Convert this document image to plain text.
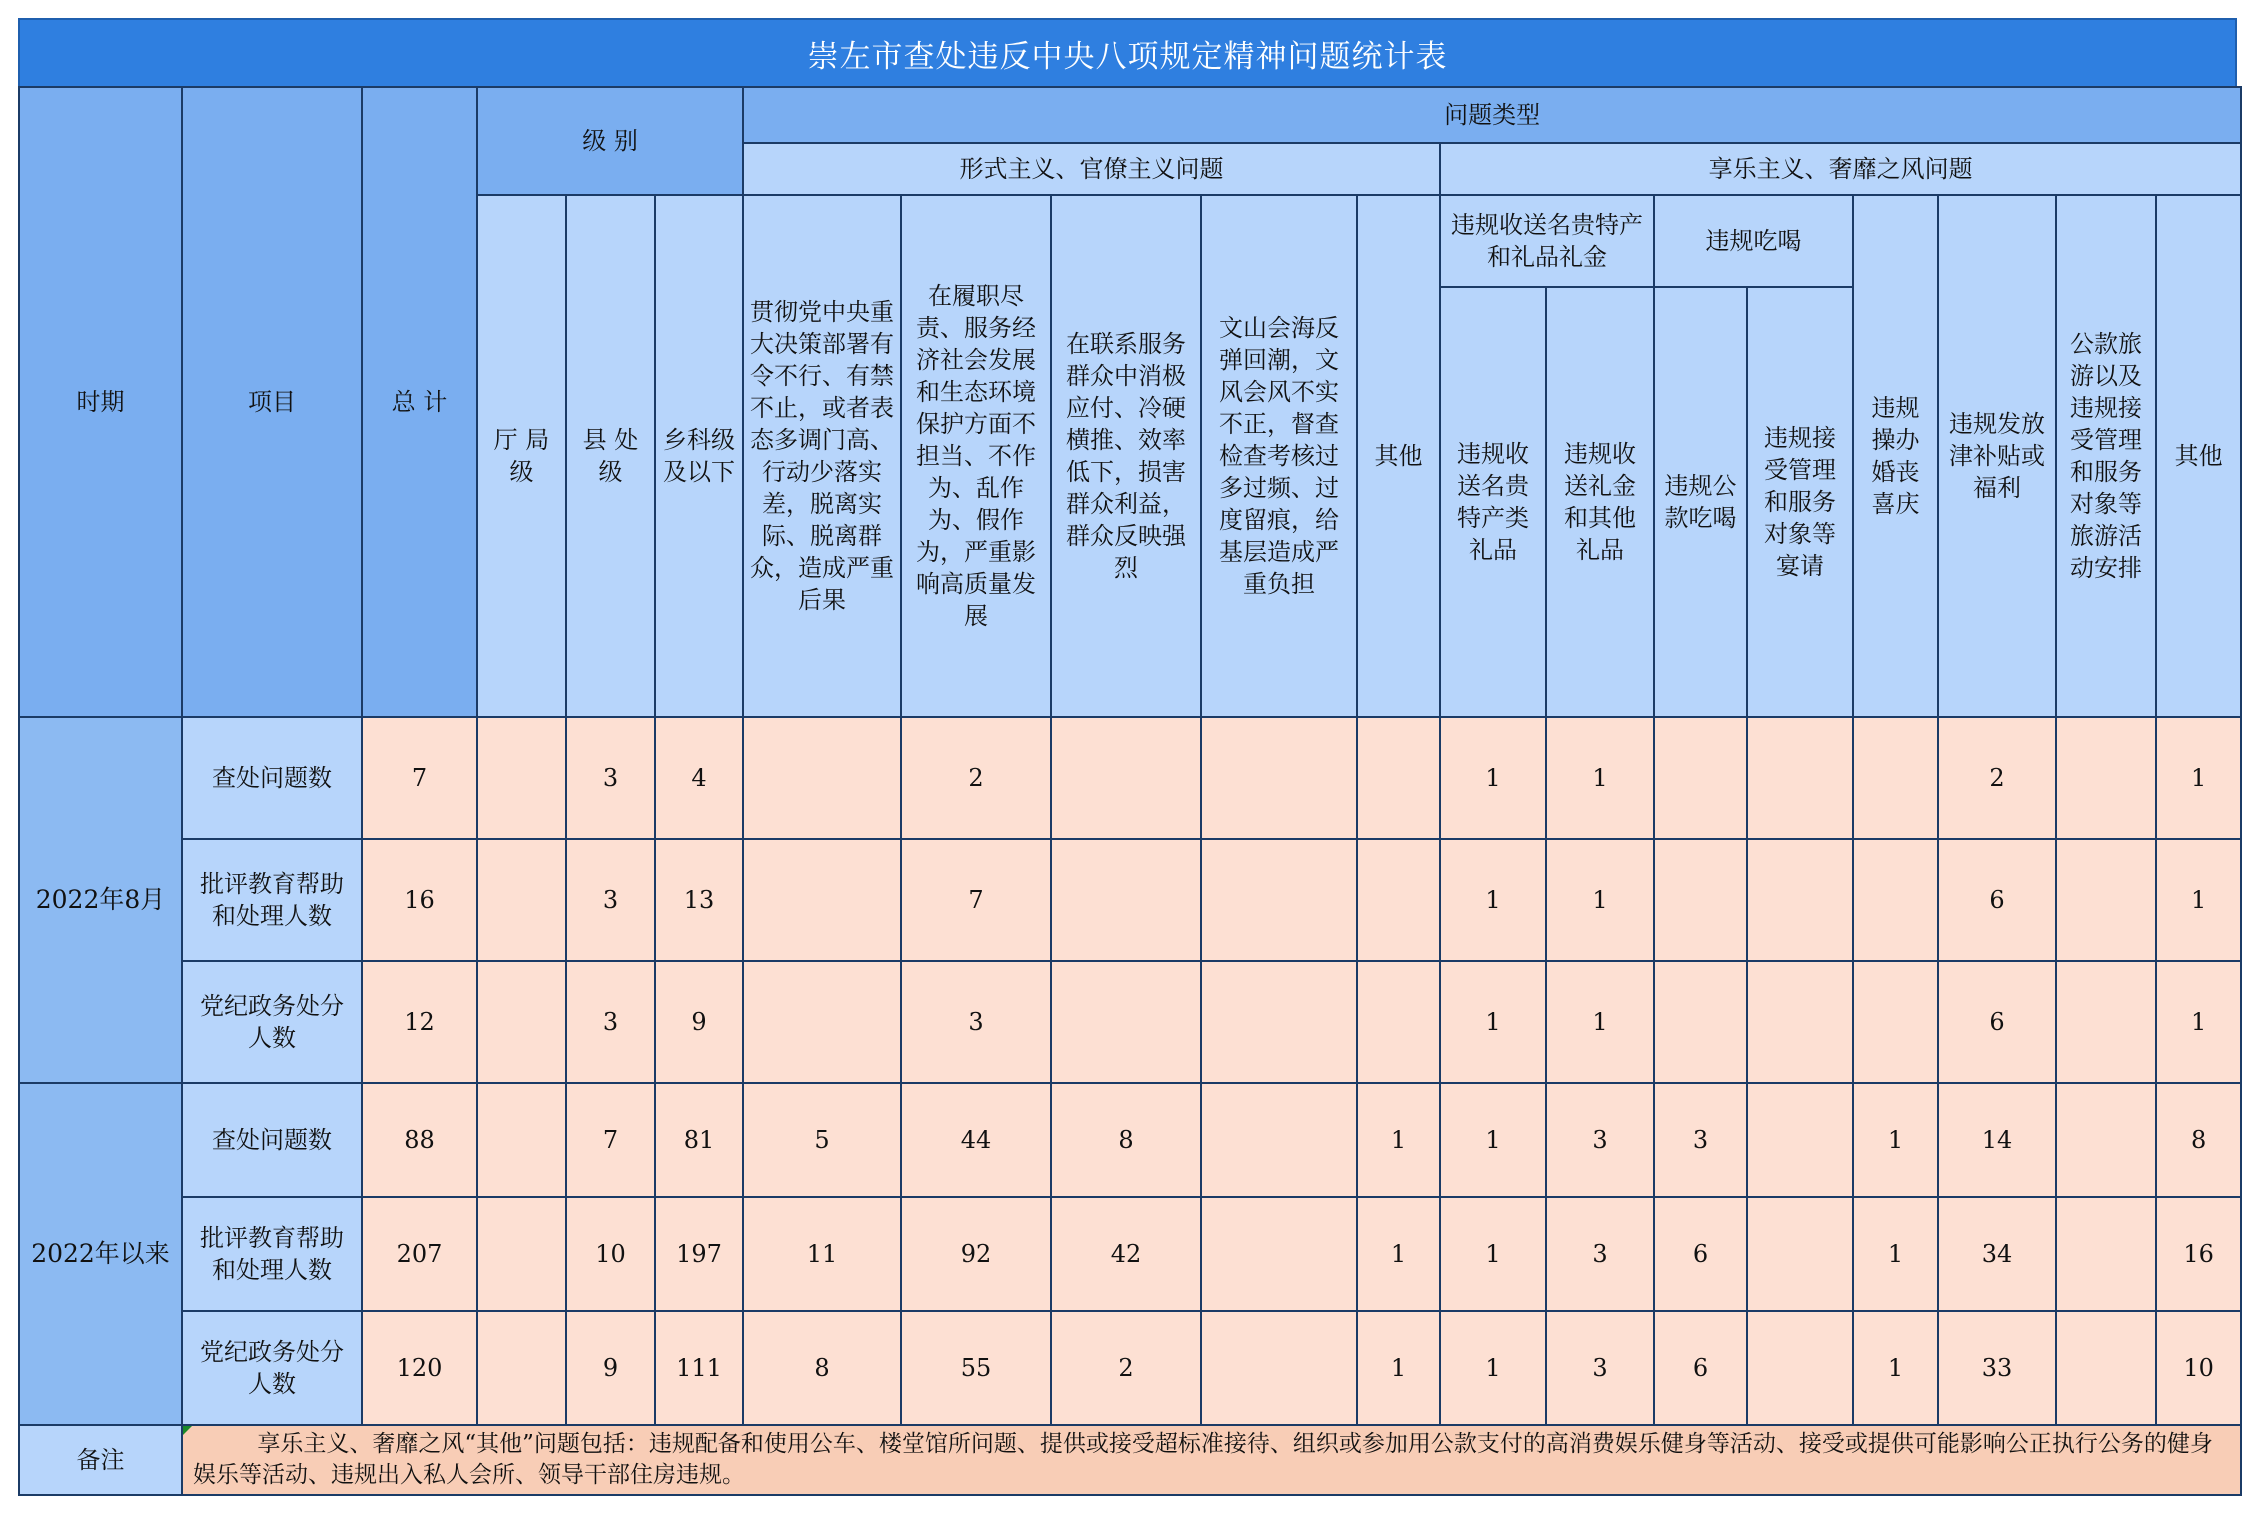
崇左市查处违反中央八项规定精神问题统计表
时期	项目	总 计	级 别			问题类型												
						形式主义、官僚主义问题					享乐主义、奢靡之风问题							
			厅 局级	县 处级	乡科级及以下	贯彻党中央重大决策部署有令不行、有禁不止，或者表态多调门高、行动少落实差，脱离实际、脱离群众，造成严重后果	在履职尽责、服务经济社会发展和生态环境保护方面不担当、不作为、乱作为、假作为，严重影响高质量发展	在联系服务群众中消极应付、冷硬横推、效率低下，损害群众利益，群众反映强烈	文山会海反弹回潮，文风会风不实不正，督查检查考核过多过频、过度留痕，给基层造成严重负担	其他	违规收送名贵特产和礼品礼金		违规吃喝		违规操办婚丧喜庆	违规发放津补贴或福利	公款旅游以及违规接受管理和服务对象等旅游活动安排	其他
											违规收送名贵特产类礼品	违规收送礼金和其他礼品	违规公款吃喝	违规接受管理和服务对象等宴请				
2022年8月	查处问题数	7		3	4		2				1	1				2		1
	批评教育帮助和处理人数	16		3	13		7				1	1				6		1
	党纪政务处分人数	12		3	9		3				1	1				6		1
2022年以来	查处问题数	88		7	81	5	44	8		1	1	3	3		1	14		8
	批评教育帮助和处理人数	207		10	197	11	92	42		1	1	3	6		1	34		16
	党纪政务处分人数	120		9	111	8	55	2		1	1	3	6		1	33		10
备注	享乐主义、奢靡之风“其他”问题包括：违规配备和使用公车、楼堂馆所问题、提供或接受超标准接待、组织或参加用公款支付的高消费娱乐健身等活动、接受或提供可能影响公正执行公务的健身娱乐等活动、违规出入私人会所、领导干部住房违规。																	
